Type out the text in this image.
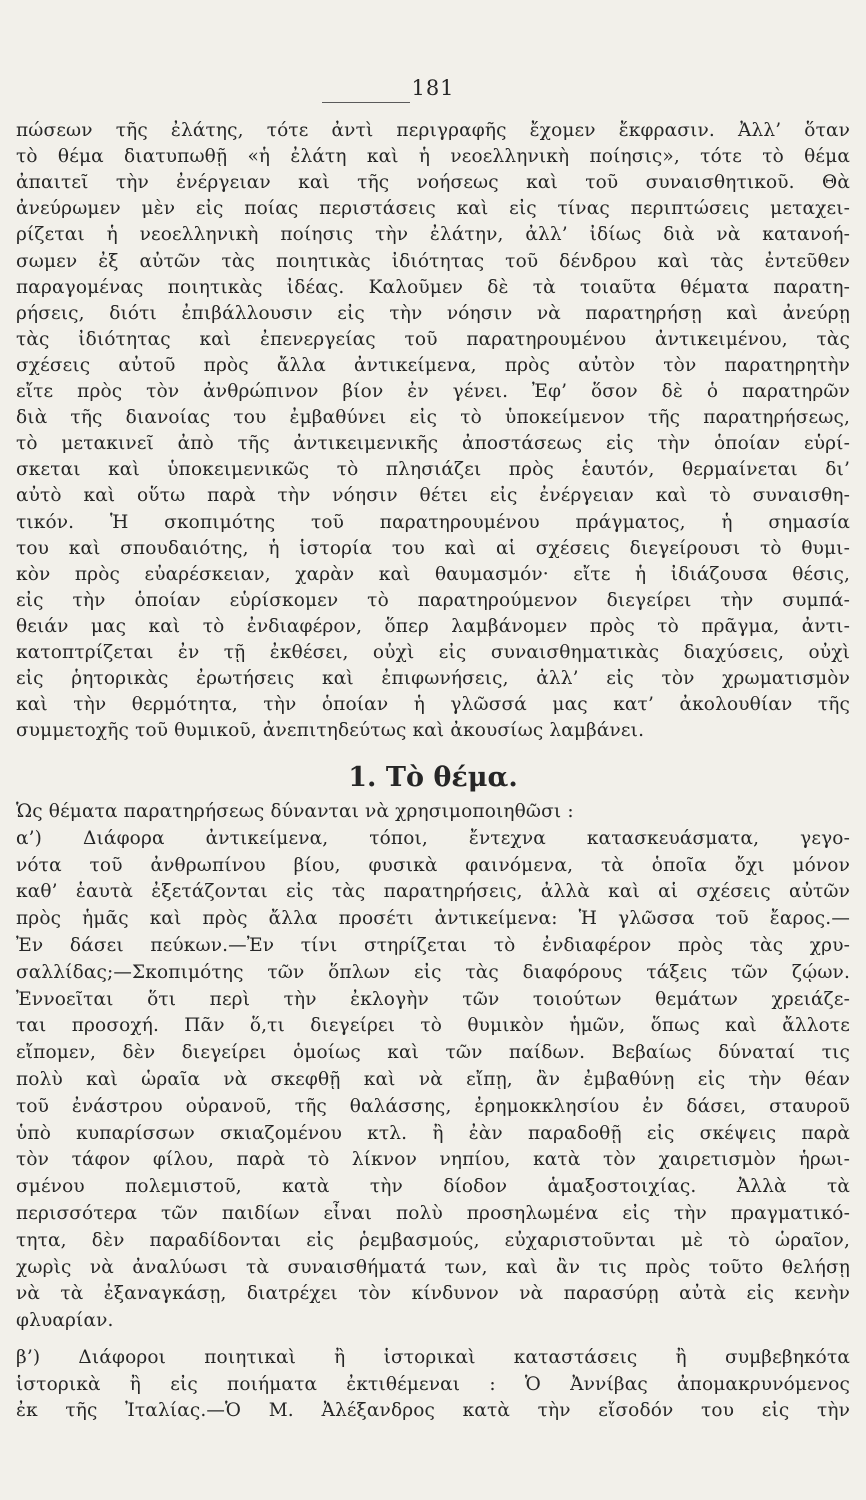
181
πώσεων τῆς ἐλάτης, τότε ἀντὶ περιγραφῆς ἔχομεν ἔκφρασιν. Ἀλλ’ ὅταν
τὸ θέμα διατυπωθῇ «ἡ ἐλάτη καὶ ἡ νεοελληνικὴ ποίησις», τότε τὸ θέμα
ἀπαιτεῖ τὴν ἐνέργειαν καὶ τῆς νοήσεως καὶ τοῦ συναισθητικοῦ. Θὰ
ἀνεύρωμεν μὲν εἰς ποίας περιστάσεις καὶ εἰς τίνας περιπτώσεις μεταχει-
ρίζεται ἡ νεοελληνικὴ ποίησις τὴν ἐλάτην, ἀλλ’ ἰδίως διὰ νὰ κατανοή-
σωμεν ἐξ αὐτῶν τὰς ποιητικὰς ἰδιότητας τοῦ δένδρου καὶ τὰς ἐντεῦθεν
παραγομένας ποιητικὰς ἰδέας. Καλοῦμεν δὲ τὰ τοιαῦτα θέματα παρατη-
ρήσεις, διότι ἐπιβάλλουσιν εἰς τὴν νόησιν νὰ παρατηρήσῃ καὶ ἀνεύρῃ
τὰς ἰδιότητας καὶ ἐπενεργείας τοῦ παρατηρουμένου ἀντικειμένου, τὰς
σχέσεις αὐτοῦ πρὸς ἄλλα ἀντικείμενα, πρὸς αὐτὸν τὸν παρατηρητὴν
εἴτε πρὸς τὸν ἀνθρώπινον βίον ἐν γένει. Ἐφ’ ὅσον δὲ ὁ παρατηρῶν
διὰ τῆς διανοίας του ἐμβαθύνει εἰς τὸ ὑποκείμενον τῆς παρατηρήσεως,
τὸ μετακινεῖ ἀπὸ τῆς ἀντικειμενικῆς ἀποστάσεως εἰς τὴν ὁποίαν εὑρί-
σκεται καὶ ὑποκειμενικῶς τὸ πλησιάζει πρὸς ἑαυτόν, θερμαίνεται δι’
αὐτὸ καὶ οὕτω παρὰ τὴν νόησιν θέτει εἰς ἐνέργειαν καὶ τὸ συναισθη-
τικόν. Ἡ σκοπιμότης τοῦ παρατηρουμένου πράγματος, ἡ σημασία
του καὶ σπουδαιότης, ἡ ἱστορία του καὶ αἱ σχέσεις διεγείρουσι τὸ θυμι-
κὸν πρὸς εὐαρέσκειαν, χαρὰν καὶ θαυμασμόν· εἴτε ἡ ἰδιάζουσα θέσις,
εἰς τὴν ὁποίαν εὑρίσκομεν τὸ παρατηρούμενον διεγείρει τὴν συμπά-
θειάν μας καὶ τὸ ἐνδιαφέρον, ὅπερ λαμβάνομεν πρὸς τὸ πρᾶγμα, ἀντι-
κατοπτρίζεται ἐν τῇ ἐκθέσει, οὐχὶ εἰς συναισθηματικὰς διαχύσεις, οὐχὶ
εἰς ῥητορικὰς ἐρωτήσεις καὶ ἐπιφωνήσεις, ἀλλ’ εἰς τὸν χρωματισμὸν
καὶ τὴν θερμότητα, τὴν ὁποίαν ἡ γλῶσσά μας κατ’ ἀκολουθίαν τῆς
συμμετοχῆς τοῦ θυμικοῦ, ἀνεπιτηδεύτως καὶ ἀκουσίως λαμβάνει.
1. Τὸ θέμα.
Ὡς θέματα παρατηρήσεως δύνανται νὰ χρησιμοποιηθῶσι :
α’) Διάφορα ἀντικείμενα, τόποι, ἔντεχνα κατασκευάσματα, γεγο-
νότα τοῦ ἀνθρωπίνου βίου, φυσικὰ φαινόμενα, τὰ ὁποῖα ὄχι μόνον
καθ’ ἑαυτὰ ἐξετάζονται εἰς τὰς παρατηρήσεις, ἀλλὰ καὶ αἱ σχέσεις αὐτῶν
πρὸς ἡμᾶς καὶ πρὸς ἄλλα προσέτι ἀντικείμενα: Ἡ γλῶσσα τοῦ ἔαρος.—
Ἐν δάσει πεύκων.—Ἐν τίνι στηρίζεται τὸ ἐνδιαφέρον πρὸς τὰς χρυ-
σαλλίδας;—Σκοπιμότης τῶν ὅπλων εἰς τὰς διαφόρους τάξεις τῶν ζῴων.
Ἐννοεῖται ὅτι περὶ τὴν ἐκλογὴν τῶν τοιούτων θεμάτων χρειάζε-
ται προσοχή. Πᾶν ὅ,τι διεγείρει τὸ θυμικὸν ἡμῶν, ὅπως καὶ ἄλλοτε
εἴπομεν, δὲν διεγείρει ὁμοίως καὶ τῶν παίδων. Βεβαίως δύναταί τις
πολὺ καὶ ὡραῖα νὰ σκεφθῇ καὶ νὰ εἴπῃ, ἂν ἐμβαθύνῃ εἰς τὴν θέαν
τοῦ ἐνάστρου οὐρανοῦ, τῆς θαλάσσης, ἐρημοκκλησίου ἐν δάσει, σταυροῦ
ὑπὸ κυπαρίσσων σκιαζομένου κτλ. ἢ ἐὰν παραδοθῇ εἰς σκέψεις παρὰ
τὸν τάφον φίλου, παρὰ τὸ λίκνον νηπίου, κατὰ τὸν χαιρετισμὸν ἡρωι-
σμένου πολεμιστοῦ, κατὰ τὴν δίοδον ἁμαξοστοιχίας. Ἀλλὰ τὰ
περισσότερα τῶν παιδίων εἶναι πολὺ προσηλωμένα εἰς τὴν πραγματικό-
τητα, δὲν παραδίδονται εἰς ῥεμβασμούς, εὐχαριστοῦνται μὲ τὸ ὡραῖον,
χωρὶς νὰ ἀναλύωσι τὰ συναισθήματά των, καὶ ἂν τις πρὸς τοῦτο θελήσῃ
νὰ τὰ ἐξαναγκάσῃ, διατρέχει τὸν κίνδυνον νὰ παρασύρῃ αὐτὰ εἰς κενὴν
φλυαρίαν.
β’) Διάφοροι ποιητικαὶ ἢ ἱστορικαὶ καταστάσεις ἢ συμβεβηκότα
ἱστορικὰ ἢ εἰς ποιήματα ἐκτιθέμεναι : Ὁ Ἀννίβας ἀπομακρυνόμενος
ἐκ τῆς Ἰταλίας.—Ὁ Μ. Ἀλέξανδρος κατὰ τὴν εἴσοδόν του εἰς τὴν
